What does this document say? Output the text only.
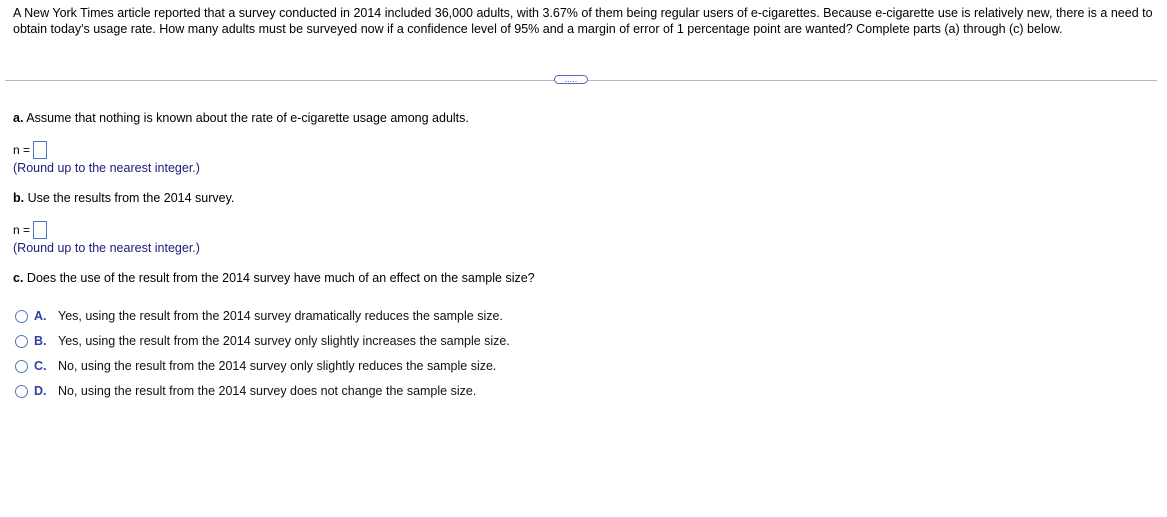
A New York Times article reported that a survey conducted in 2014 included 36,000 adults, with 3.67% of them being regular users of e-cigarettes. Because e-cigarette use is relatively new, there is a need to obtain today's usage rate. How many adults must be surveyed now if a confidence level of 95% and a margin of error of 1 percentage point are wanted? Complete parts (a) through (c) below.
.....
a. Assume that nothing is known about the rate of e-cigarette usage among adults.
n =
(Round up to the nearest integer.)
b. Use the results from the 2014 survey.
n =
(Round up to the nearest integer.)
c. Does the use of the result from the 2014 survey have much of an effect on the sample size?
A. Yes, using the result from the 2014 survey dramatically reduces the sample size.
B. Yes, using the result from the 2014 survey only slightly increases the sample size.
C. No, using the result from the 2014 survey only slightly reduces the sample size.
D. No, using the result from the 2014 survey does not change the sample size.
